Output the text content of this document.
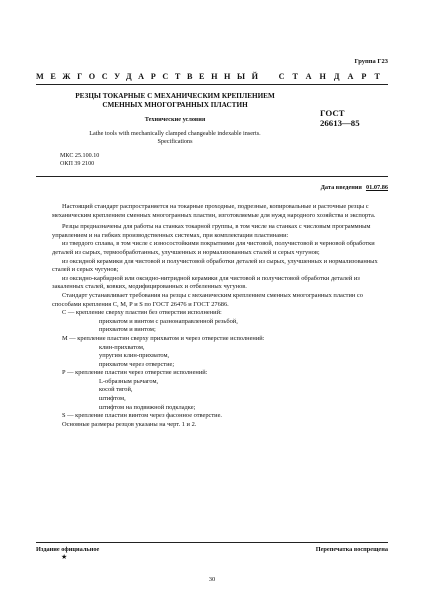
Группа Г23
МЕЖГОСУДАРСТВЕННЫЙ СТАНДАРТ
РЕЗЦЫ ТОКАРНЫЕ С МЕХАНИЧЕСКИМ КРЕПЛЕНИЕМ
СМЕННЫХ МНОГОГРАННЫХ ПЛАСТИН
Технические условия
Lathe tools with mechanically clamped changeable indexable inserts.
Specifications
ГОСТ
26613—85
МКС 25.100.10
ОКП 39 2100
Дата введения 01.07.86

Настоящий стандарт распространяется на токарные проходные, подрезные, копировальные и расточные резцы с механическим креплением сменных многогранных пластин, изготовляемые для нужд народного хозяйства и экспорта.

Резцы предназначены для работы на станках токарной группы, в том числе на станках с числовым программным управлением и на гибких производственных системах, при комплектации пластинами:

из твердого сплава, в том числе с износостойкими покрытиями для чистовой, получистовой и черновой обработки деталей из сырых, термообработанных, улучшенных и нормализованных сталей и серых чугунов;

из оксидной керамики для чистовой и получистовой обработки деталей из сырых, улучшенных и нормализованных сталей и серых чугунов;

из оксидно-карбидной или оксидно-нитридной керамики для чистовой и получистовой обработки деталей из закаленных сталей, ковких, модифицированных и отбеленных чугунов.

Стандарт устанавливает требования на резцы с механическим креплением сменных многогранных пластин со способами крепления С, М, Р и S по ГОСТ 26476 и ГОСТ 27686.

С — крепление сверху пластин без отверстия исполнений:

прихватом и винтом с разнонаправленной резьбой,

прихватом и винтом;

М — крепление пластин сверху прихватом и через отверстие исполнений:

клин-прихватом,

упругим клин-прихватом,

прихватом через отверстие;

Р — крепление пластин через отверстие исполнений:

L-образным рычагом,

косой тягой,

штифтом,

штифтом на подвижной подкладке;

S — крепление пластин винтом через фасонное отверстие.

Основные размеры резцов указаны на черт. 1 и 2.

Издание официальное	Перепечатка воспрещена
★
30
